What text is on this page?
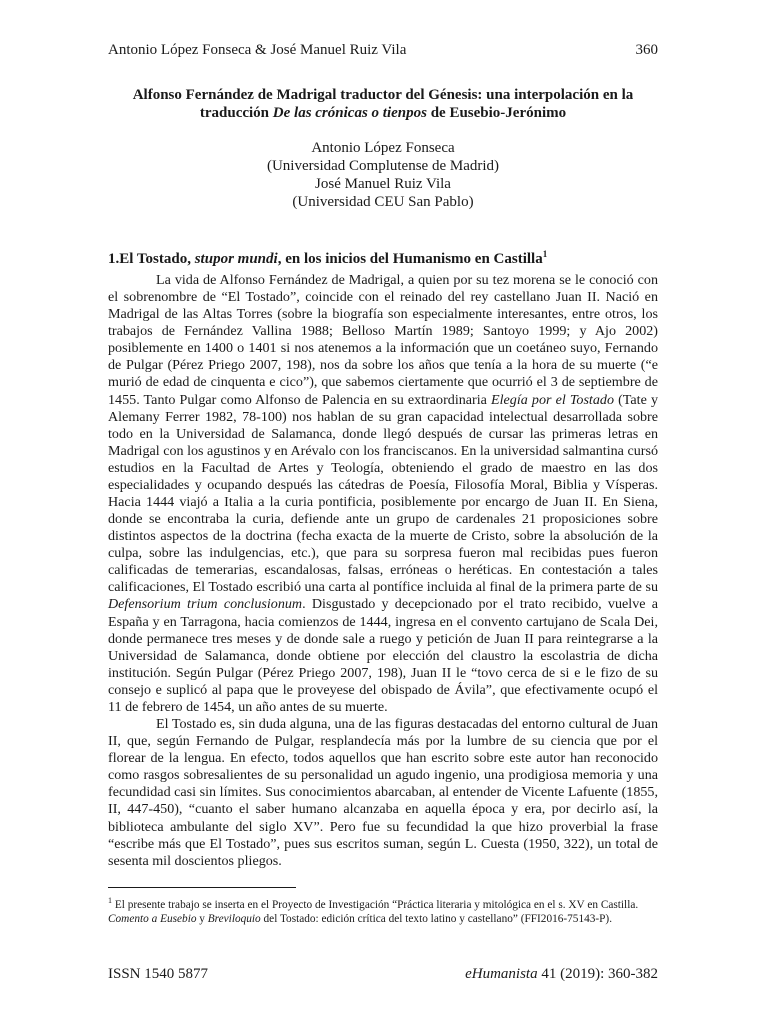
Antonio López Fonseca & José Manuel Ruiz Vila	360
Alfonso Fernández de Madrigal traductor del Génesis: una interpolación en la traducción De las crónicas o tienpos de Eusebio-Jerónimo
Antonio López Fonseca
(Universidad Complutense de Madrid)
José Manuel Ruiz Vila
(Universidad CEU San Pablo)
1.El Tostado, stupor mundi, en los inicios del Humanismo en Castilla$^1$

La vida de Alfonso Fernández de Madrigal, a quien por su tez morena se le conoció con el sobrenombre de “El Tostado”, coincide con el reinado del rey castellano Juan II. Nació en Madrigal de las Altas Torres (sobre la biografía son especialmente interesantes, entre otros, los trabajos de Fernández Vallina 1988; Belloso Martín 1989; Santoyo 1999; y Ajo 2002) posiblemente en 1400 o 1401 si nos atenemos a la información que un coetáneo suyo, Fernando de Pulgar (Pérez Priego 2007, 198), nos da sobre los años que tenía a la hora de su muerte (“e murió de edad de cinquenta e cico”), que sabemos ciertamente que ocurrió el 3 de septiembre de 1455. Tanto Pulgar como Alfonso de Palencia en su extraordinaria Elegía por el Tostado (Tate y Alemany Ferrer 1982, 78-100) nos hablan de su gran capacidad intelectual desarrollada sobre todo en la Universidad de Salamanca, donde llegó después de cursar las primeras letras en Madrigal con los agustinos y en Arévalo con los franciscanos. En la universidad salmantina cursó estudios en la Facultad de Artes y Teología, obteniendo el grado de maestro en las dos especialidades y ocupando después las cátedras de Poesía, Filosofía Moral, Biblia y Vísperas. Hacia 1444 viajó a Italia a la curia pontificia, posiblemente por encargo de Juan II. En Siena, donde se encontraba la curia, defiende ante un grupo de cardenales 21 proposiciones sobre distintos aspectos de la doctrina (fecha exacta de la muerte de Cristo, sobre la absolución de la culpa, sobre las indulgencias, etc.), que para su sorpresa fueron mal recibidas pues fueron calificadas de temerarias, escandalosas, falsas, erróneas o heréticas. En contestación a tales calificaciones, El Tostado escribió una carta al pontífice incluida al final de la primera parte de su Defensorium trium conclusionum. Disgustado y decepcionado por el trato recibido, vuelve a España y en Tarragona, hacia comienzos de 1444, ingresa en el convento cartujano de Scala Dei, donde permanece tres meses y de donde sale a ruego y petición de Juan II para reintegrarse a la Universidad de Salamanca, donde obtiene por elección del claustro la escolastria de dicha institución. Según Pulgar (Pérez Priego 2007, 198), Juan II le “tovo cerca de si e le fizo de su consejo e suplicó al papa que le proveyese del obispado de Ávila”, que efectivamente ocupó el 11 de febrero de 1454, un año antes de su muerte.

El Tostado es, sin duda alguna, una de las figuras destacadas del entorno cultural de Juan II, que, según Fernando de Pulgar, resplandecía más por la lumbre de su ciencia que por el florear de la lengua. En efecto, todos aquellos que han escrito sobre este autor han reconocido como rasgos sobresalientes de su personalidad un agudo ingenio, una prodigiosa memoria y una fecundidad casi sin límites. Sus conocimientos abarcaban, al entender de Vicente Lafuente (1855, II, 447-450), “cuanto el saber humano alcanzaba en aquella época y era, por decirlo así, la biblioteca ambulante del siglo XV”. Pero fue su fecundidad la que hizo proverbial la frase “escribe más que El Tostado”, pues sus escritos suman, según L. Cuesta (1950, 322), un total de sesenta mil doscientos pliegos.

$^1$ El presente trabajo se inserta en el Proyecto de Investigación “Práctica literaria y mitológica en el s. XV en Castilla. Comento a Eusebio y Breviloquio del Tostado: edición crítica del texto latino y castellano” (FFI2016-75143-P).
ISSN 1540 5877	eHumanista 41 (2019): 360-382
